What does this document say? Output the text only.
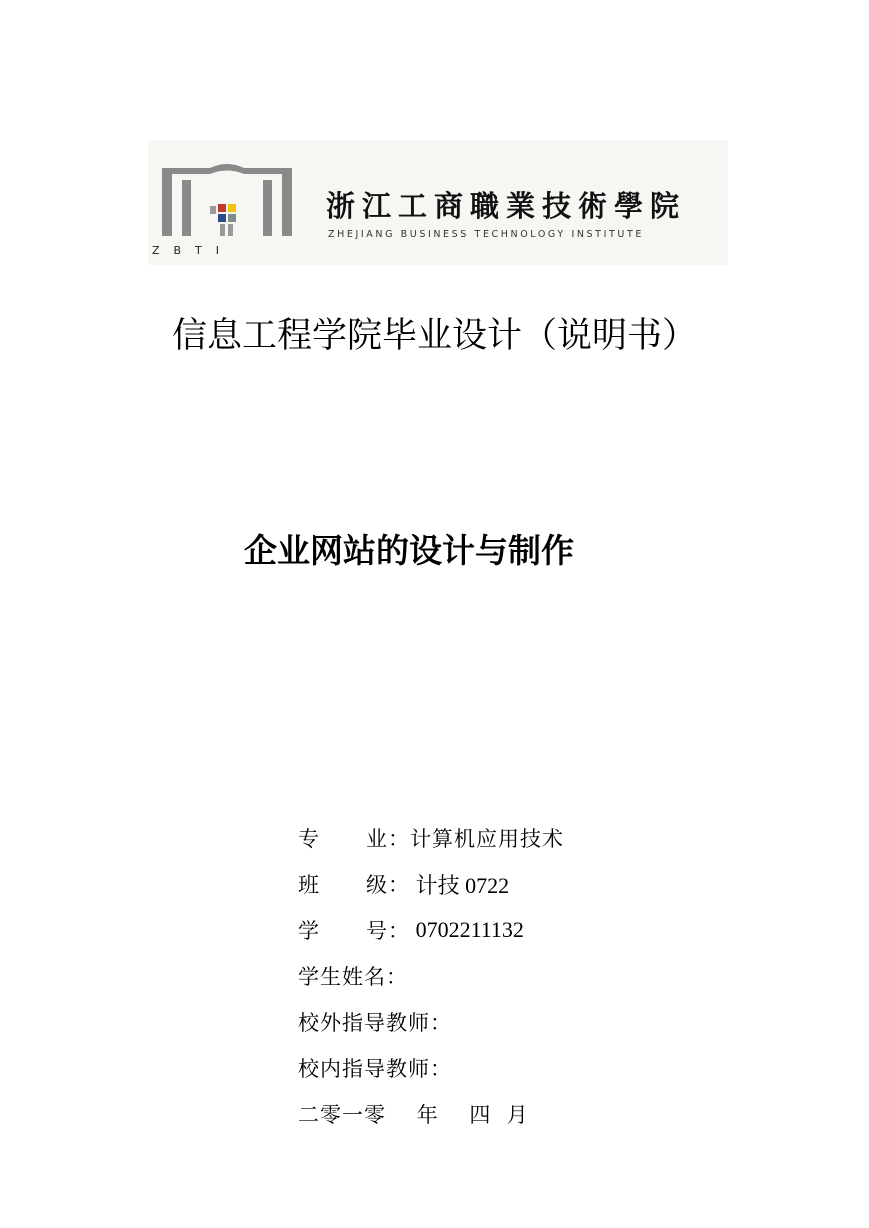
Z    B    T    I
浙江工商職業技術學院
ZHEJIANG BUSINESS TECHNOLOGY INSTITUTE
信息工程学院毕业设计（说明书）
企业网站的设计与制作
专      业： 计算机应用技术
班      级： 计技 0722
学      号： 0702211132
学生姓名：
校外指导教师：
校内指导教师：
二零一零    年    四  月
